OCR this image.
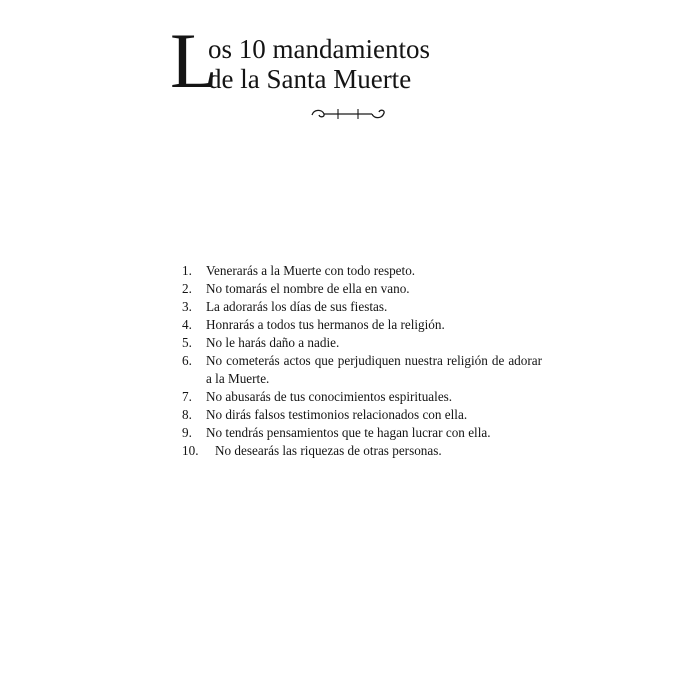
L
os 10 mandamientos
de la Santa Muerte
1. Venerarás a la Muerte con todo respeto.
2. No tomarás el nombre de ella en vano.
3. La adorarás los días de sus fiestas.
4. Honrarás a todos tus hermanos de la religión.
5. No le harás daño a nadie.
6. No cometerás actos que perjudiquen nuestra religión de adorar a la Muerte.
7. No abusarás de tus conocimientos espirituales.
8. No dirás falsos testimonios relacionados con ella.
9. No tendrás pensamientos que te hagan lucrar con ella.
10. No desearás las riquezas de otras personas.
